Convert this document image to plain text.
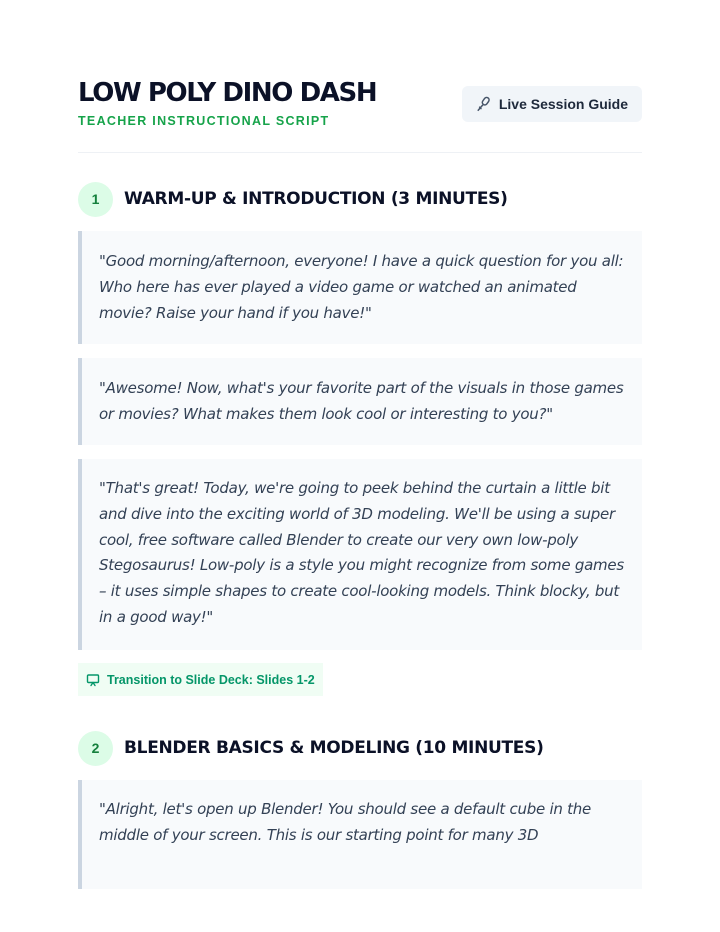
LOW POLY DINO DASH
TEACHER INSTRUCTIONAL SCRIPT
Live Session Guide
1	WARM-UP & INTRODUCTION (3 MINUTES)
"Good morning/afternoon, everyone! I have a quick question for you all: Who here has ever played a video game or watched an animated movie? Raise your hand if you have!"
"Awesome! Now, what's your favorite part of the visuals in those games or movies? What makes them look cool or interesting to you?"
"That's great! Today, we're going to peek behind the curtain a little bit and dive into the exciting world of 3D modeling. We'll be using a super cool, free software called Blender to create our very own low-poly Stegosaurus! Low-poly is a style you might recognize from some games – it uses simple shapes to create cool-looking models. Think blocky, but in a good way!"
Transition to Slide Deck: Slides 1-2
2	BLENDER BASICS & MODELING (10 MINUTES)
"Alright, let's open up Blender! You should see a default cube in the middle of your screen. This is our starting point for many 3D
